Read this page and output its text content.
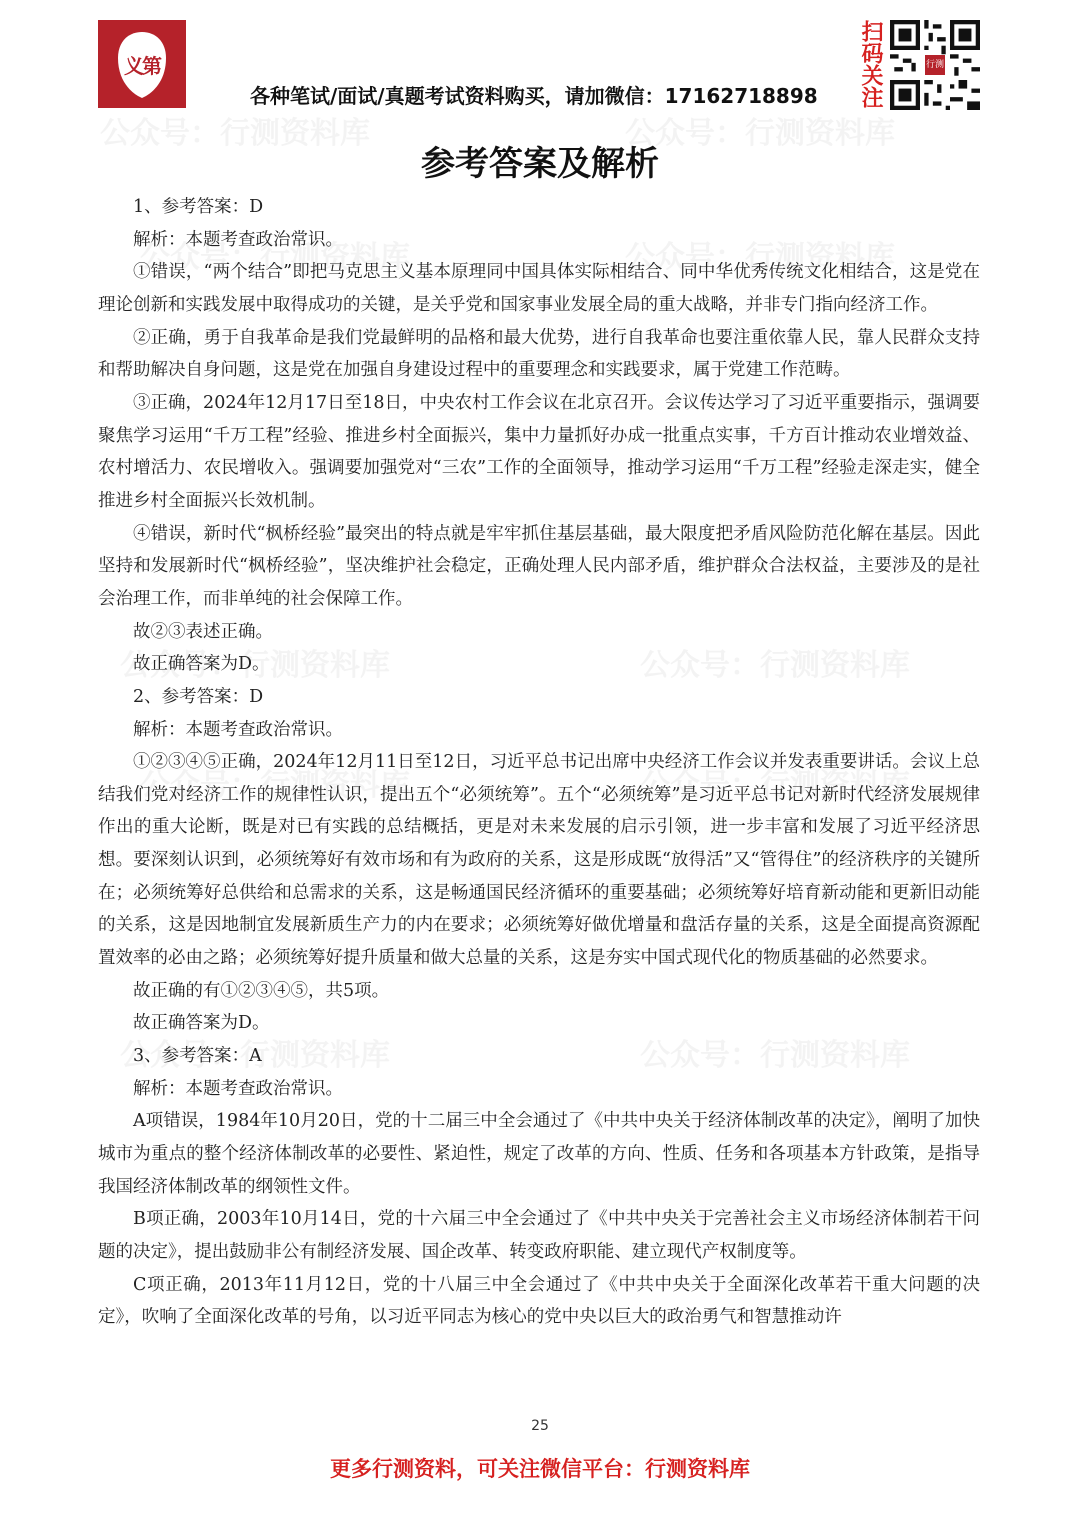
义第
各种笔试/面试/真题考试资料购买，请加微信：17162718898 扫码关注	行测
参考答案及解析

1、参考答案：D

解析：本题考查政治常识。

①错误，“两个结合”即把马克思主义基本原理同中国具体实际相结合、同中华优秀传统文化相结合，这是党在理论创新和实践发展中取得成功的关键，是关乎党和国家事业发展全局的重大战略，并非专门指向经济工作。

②正确，勇于自我革命是我们党最鲜明的品格和最大优势，进行自我革命也要注重依靠人民，靠人民群众支持和帮助解决自身问题，这是党在加强自身建设过程中的重要理念和实践要求，属于党建工作范畴。

③正确，2024年12月17日至18日，中央农村工作会议在北京召开。会议传达学习了习近平重要指示，强调要聚焦学习运用“千万工程”经验、推进乡村全面振兴，集中力量抓好办成一批重点实事，千方百计推动农业增效益、农村增活力、农民增收入。强调要加强党对“三农”工作的全面领导，推动学习运用“千万工程”经验走深走实，健全推进乡村全面振兴长效机制。

④错误，新时代“枫桥经验”最突出的特点就是牢牢抓住基层基础，最大限度把矛盾风险防范化解在基层。因此坚持和发展新时代“枫桥经验”，坚决维护社会稳定，正确处理人民内部矛盾，维护群众合法权益，主要涉及的是社会治理工作，而非单纯的社会保障工作。

故②③表述正确。

故正确答案为D。

2、参考答案：D

解析：本题考查政治常识。

①②③④⑤正确，2024年12月11日至12日，习近平总书记出席中央经济工作会议并发表重要讲话。会议上总结我们党对经济工作的规律性认识，提出五个“必须统筹”。五个“必须统筹”是习近平总书记对新时代经济发展规律作出的重大论断，既是对已有实践的总结概括，更是对未来发展的启示引领，进一步丰富和发展了习近平经济思想。要深刻认识到，必须统筹好有效市场和有为政府的关系，这是形成既“放得活”又“管得住”的经济秩序的关键所在；必须统筹好总供给和总需求的关系，这是畅通国民经济循环的重要基础；必须统筹好培育新动能和更新旧动能的关系，这是因地制宜发展新质生产力的内在要求；必须统筹好做优增量和盘活存量的关系，这是全面提高资源配置效率的必由之路；必须统筹好提升质量和做大总量的关系，这是夯实中国式现代化的物质基础的必然要求。

故正确的有①②③④⑤，共5项。

故正确答案为D。

3、参考答案：A

解析：本题考查政治常识。

A项错误，1984年10月20日，党的十二届三中全会通过了《中共中央关于经济体制改革的决定》，阐明了加快城市为重点的整个经济体制改革的必要性、紧迫性，规定了改革的方向、性质、任务和各项基本方针政策，是指导我国经济体制改革的纲领性文件。

B项正确，2003年10月14日，党的十六届三中全会通过了《中共中央关于完善社会主义市场经济体制若干问题的决定》，提出鼓励非公有制经济发展、国企改革、转变政府职能、建立现代产权制度等。

C项正确，2013年11月12日，党的十八届三中全会通过了《中共中央关于全面深化改革若干重大问题的决定》，吹响了全面深化改革的号角，以习近平同志为核心的党中央以巨大的政治勇气和智慧推动许

25
更多行测资料，可关注微信平台：行测资料库
